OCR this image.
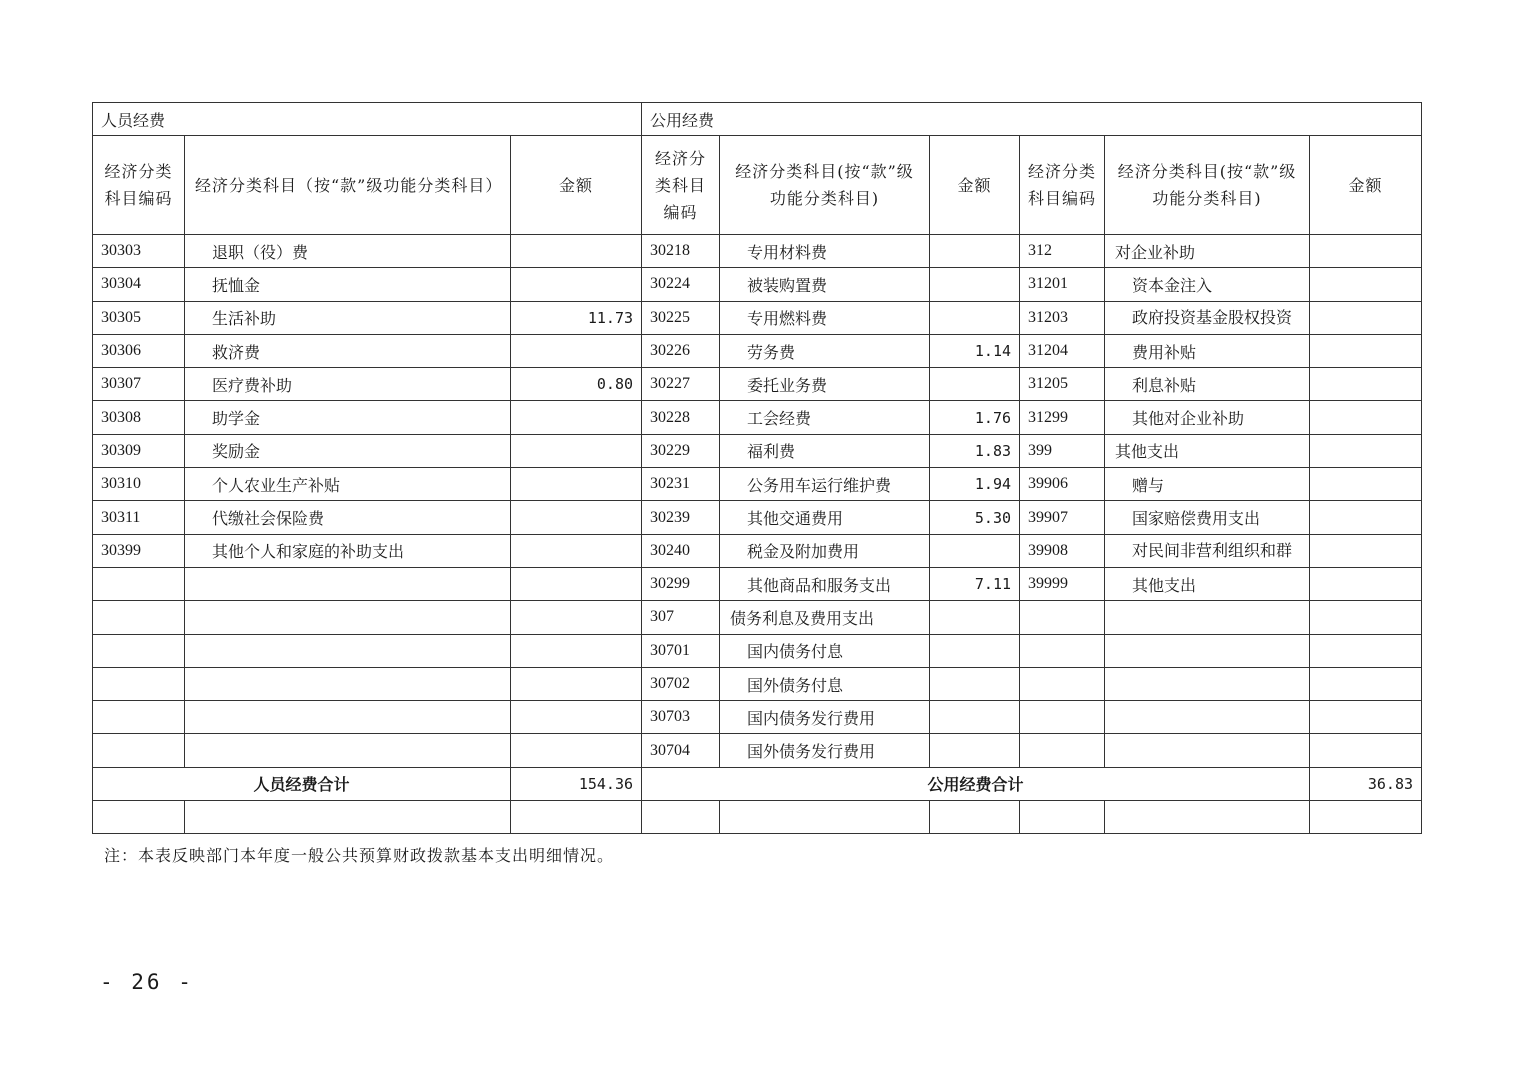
人员经费			公用经费					
经济分类科目编码	经济分类科目（按“款”级功能分类科目）	金额	经济分类科目编码	经济分类科目(按“款”级功能分类科目)	金额	经济分类科目编码	经济分类科目(按“款”级功能分类科目)	金额
30303	退职（役）费		30218	专用材料费		312	对企业补助	
30304	抚恤金		30224	被装购置费		31201	资本金注入	
30305	生活补助	11.73	30225	专用燃料费		31203	政府投资基金股权投资	

30306	救济费		30226	劳务费	1.14	31204	费用补贴	
30307	医疗费补助	0.80	30227	委托业务费		31205	利息补贴	
30308	助学金		30228	工会经费	1.76	31299	其他对企业补助	
30309	奖励金		30229	福利费	1.83	399	其他支出	
30310	个人农业生产补贴		30231	公务用车运行维护费	1.94	39906	赠与	
30311	代缴社会保险费		30239	其他交通费用	5.30	39907	国家赔偿费用支出	
30399	其他个人和家庭的补助支出		30240	税金及附加费用		39908	对民间非营利组织和群	

			30299	其他商品和服务支出	7.11	39999	其他支出	
			307	债务利息及费用支出				
			30701	国内债务付息				
			30702	国外债务付息				
			30703	国内债务发行费用				
			30704	国外债务发行费用				
人员经费合计		154.36	公用经费合计					36.83

注：本表反映部门本年度一般公共预算财政拨款基本支出明细情况。
- 26 -
